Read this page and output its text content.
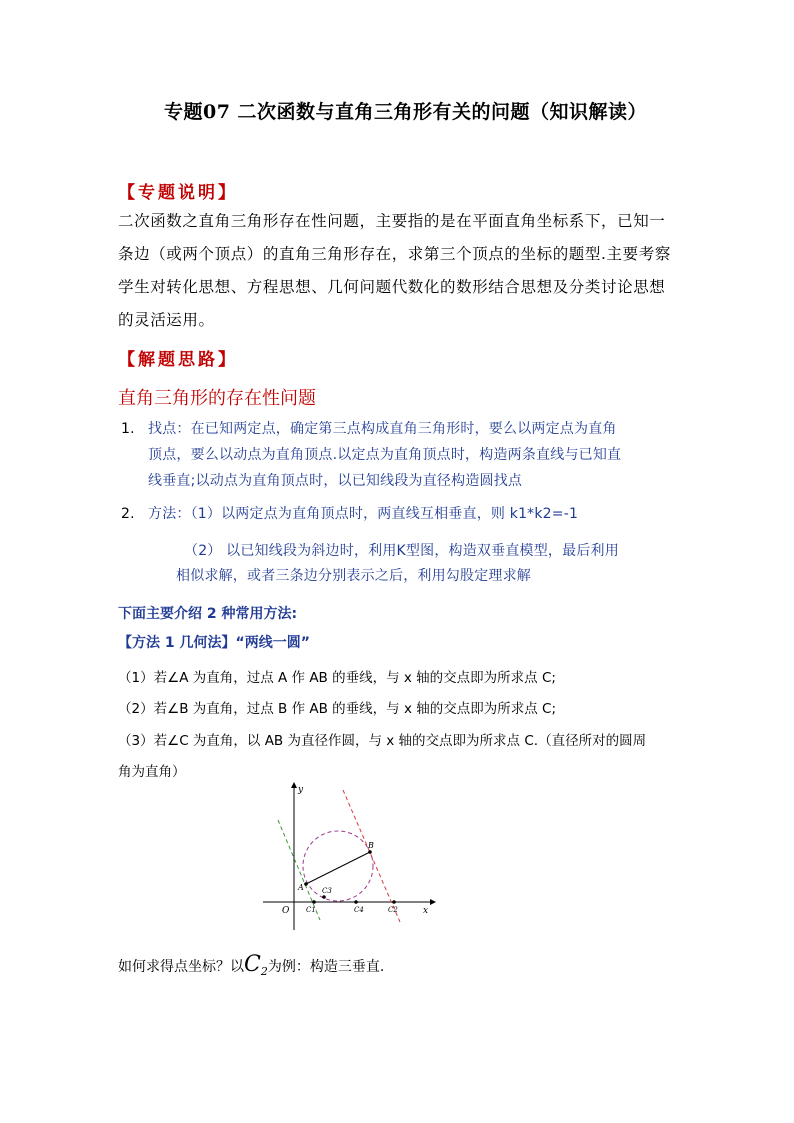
专题07 二次函数与直角三角形有关的问题（知识解读）
【专题说明】
二次函数之直角三角形存在性问题，主要指的是在平面直角坐标系下，已知一
条边（或两个顶点）的直角三角形存在，求第三个顶点的坐标的题型.主要考察
学生对转化思想、方程思想、几何问题代数化的数形结合思想及分类讨论思想
的灵活运用。
【解题思路】
直角三角形的存在性问题
1. 找点：在已知两定点，确定第三点构成直角三角形时，要么以两定点为直角
顶点，要么以动点为直角顶点.以定点为直角顶点时，构造两条直线与已知直
线垂直;以动点为直角顶点时，以已知线段为直径构造圆找点
2. 方法：（1）以两定点为直角顶点时，两直线互相垂直，则 k1*k2=-1
（2） 以已知线段为斜边时，利用K型图，构造双垂直模型，最后利用
相似求解，或者三条边分别表示之后，利用勾股定理求解
下面主要介绍 2 种常用方法:
【方法 1 几何法】“两线一圆”
（1）若∠A 为直角，过点 A 作 AB 的垂线，与 x 轴的交点即为所求点 C;
（2）若∠B 为直角，过点 B 作 AB 的垂线，与 x 轴的交点即为所求点 C;
（3）若∠C 为直角，以 AB 为直径作圆，与 x 轴的交点即为所求点 C.（直径所对的圆周
角为直角）
x
y
O
A
B
C1
C3
C4	C2
如何求得点坐标？以$C_2$为例：构造三垂直.
